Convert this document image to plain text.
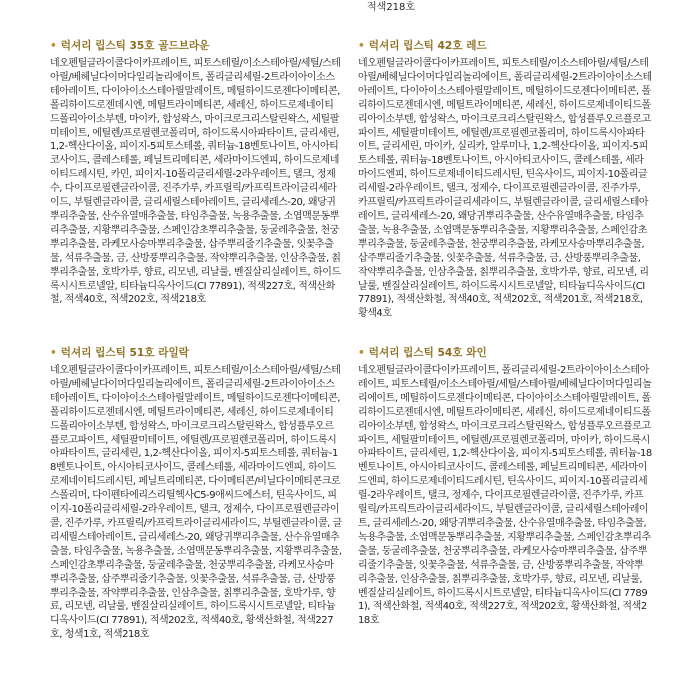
적색218호
• 럭셔리 립스틱 35호 골드브라운

네오펜틸글라이콜다이카프레이트, 피토스테릴/이소스테아릴/세틸/스테아릴/베헤닐다이머다일리놀리에이트, 폴리글리세릴-2트라이아이소스테아레이트, 다이아이소스테아릴말레이트, 메틸하이드로젠다이메티콘, 폴리하이드로젠데시엔, 메틸트라이메티콘, 세레신, 하이드로제네이티드폴리아이소부텐, 마이카, 합성왁스, 마이크로크리스탈린왁스, 세틸팔미테이트, 에틸렌/프로필렌코폴리머, 하이드록시아파타이트, 글리세린, 1,2-헥산다이올, 피이지-5피토스테롤, 쿼터늄-18벤토나이트, 아시아티코사이드, 콜레스테롤, 페닐트리메티콘, 세라마이드엔피, 하이드로제네이티드레시틴, 카민, 피이지-10폴리글리세릴-2라우레이트, 탤크, 정제수, 다이프로필렌글라이콜, 진주가루, 카프릴릭/카프릭트라이글리세라이드, 부틸렌글라이콜, 글리세릴스테아레이트, 글리세레스-20, 왜당귀뿌리추출물, 산수유열매추출물, 타임추출물, 녹용추출물, 소엽맥문동뿌리추출물, 지황뿌리추출물, 스페인감초뿌리추출물, 둥굴레추출물, 천궁뿌리추출물, 라케모사승마뿌리추출물, 삽주뿌리줄기추출물, 잇꽃추출물, 석류추출물, 금, 산방풍뿌리추출물, 작약뿌리추출물, 인삼추출물, 칡뿌리추출물, 호박가루, 향료, 리모넨, 리날룰, 벤질살리실레이트, 하이드록시시트로넬알, 티타늄디옥사이드(CI 77891), 적색227호, 적색산화철, 적색40호, 적색202호, 적색218호

• 럭셔리 립스틱 42호 레드

네오펜틸글라이콜다이카프레이트, 피토스테릴/이소스테아릴/세틸/스테아릴/베헤닐다이머다일리놀리에이트, 폴리글리세릴-2트라이아이소스테아레이트, 다이아이소스테아릴말레이트, 메틸하이드로젠다이메티콘, 폴리하이드로젠데시엔, 메틸트라이메티콘, 세레신, 하이드로제네이티드폴리아이소부텐, 합성왁스, 마이크로크리스탈린왁스, 합성플루오르플로고파이트, 세틸팔미테이트, 에틸렌/프로필렌코폴리머, 하이드록시아파타이트, 글리세린, 마이카, 실리카, 알루미나, 1,2-헥산다이올, 피이지-5피토스테롤, 쿼터늄-18벤토나이트, 아시아티코사이드, 콜레스테롤, 세라마이드엔피, 하이드로제네이티드레시틴, 틴옥사이드, 피이지-10폴리글리세릴-2라우레이트, 탤크, 정제수, 다이프로필렌글라이콜, 진주가루, 카프릴릭/카프릭트라이글리세라이드, 부틸렌글라이콜, 글리세릴스테아레이트, 글리세레스-20, 왜당귀뿌리추출물, 산수유열매추출물, 타임추출물, 녹용추출물, 소엽맥문동뿌리추출물, 지황뿌리추출물, 스페인감초뿌리추출물, 둥굴레추출물, 천궁뿌리추출물, 라케모사승마뿌리추출물, 삽주뿌리줄기추출물, 잇꽃추출물, 석류추출물, 금, 산방풍뿌리추출물, 작약뿌리추출물, 인삼추출물, 칡뿌리추출물, 호박가루, 향료, 리모넨, 리날룰, 벤질살리실레이트, 하이드록시시트로넬알, 티타늄디옥사이드(CI 77891), 적색산화철, 적색40호, 적색202호, 적색201호, 적색218호, 황색4호

• 럭셔리 립스틱 51호 라일락

네오펜틸글라이콜다이카프레이트, 피토스테릴/이소스테아릴/세틸/스테아릴/베헤닐다이머다일리놀리에이트, 폴리글리세릴-2트라이아이소스테아레이트, 다이아이소스테아릴말레이트, 메틸하이드로젠다이메티콘, 폴리하이드로젠데시엔, 메틸트라이메티콘, 세레신, 하이드로제네이티드폴리아이소부텐, 합성왁스, 마이크로크리스탈린왁스, 합성플루오르플로고파이트, 세틸팔미테이트, 에틸렌/프로필렌코폴리머, 하이드록시아파타이트, 글리세린, 1,2-헥산다이올, 피이지-5피토스테롤, 쿼터늄-18벤토나이트, 아시아티코사이드, 콜레스테롤, 세라마이드엔피, 하이드로제네이티드레시틴, 페닐트리메티콘, 다이메티콘/비닐다이메티콘크로스폴리머, 다이펜타에리스리틸헥사C5-9애씨드에스터, 틴옥사이드, 피이지-10폴리글리세릴-2라우레이트, 탤크, 정제수, 다이프로필렌글라이콜, 진주가루, 카프릴릭/카프릭트라이글리세라이드, 부틸렌글라이콜, 글리세릴스테아레이트, 글리세레스-20, 왜당귀뿌리추출물, 산수유열매추출물, 타임추출물, 녹용추출물, 소엽맥문동뿌리추출물, 지황뿌리추출물, 스페인감초뿌리추출물, 둥굴레추출물, 천궁뿌리추출물, 라케모사승마뿌리추출물, 삽주뿌리줄기추출물, 잇꽃추출물, 석류추출물, 금, 산방풍뿌리추출물, 작약뿌리추출물, 인삼추출물, 칡뿌리추출물, 호박가루, 향료, 리모넨, 리날룰, 벤질살리실레이트, 하이드록시시트로넬알, 티타늄디옥사이드(CI 77891), 적색202호, 적색40호, 황색산화철, 적색227호, 청색1호, 적색218호

• 럭셔리 립스틱 54호 와인

네오펜틸글라이콜다이카프레이트, 폴리글리세릴-2트라이아이소스테아레이트, 피토스테릴/이소스테아릴/세틸/스테아릴/베헤닐다이머다일리놀리에이트, 메틸하이드로젠다이메티콘, 다이아이소스테아릴말레이트, 폴리하이드로젠데시엔, 메틸트라이메티콘, 세레신, 하이드로제네이티드폴리아이소부텐, 합성왁스, 마이크로크리스탈린왁스, 합성플루오르플로고파이트, 세틸팔미테이트, 에틸렌/프로필렌코폴리머, 마이카, 하이드록시아파타이트, 글리세린, 1,2-헥산다이올, 피이지-5피토스테롤, 쿼터늄-18벤토나이트, 아시아티코사이드, 콜레스테롤, 페닐트리메티콘, 세라마이드엔피, 하이드로제네이티드레시틴, 틴옥사이드, 피이지-10폴리글리세릴-2라우레이트, 탤크, 정제수, 다이프로필렌글라이콜, 진주가루, 카프릴릭/카프릭트라이글리세라이드, 부틸렌글라이콜, 글리세릴스테아레이트, 글리세레스-20, 왜당귀뿌리추출물, 산수유열매추출물, 타임추출물, 녹용추출물, 소엽맥문동뿌리추출물, 지황뿌리추출물, 스페인감초뿌리추출물, 둥굴레추출물, 천궁뿌리추출물, 라케모사승마뿌리추출물, 삽주뿌리줄기추출물, 잇꽃추출물, 석류추출물, 금, 산방풍뿌리추출물, 작약뿌리추출물, 인삼추출물, 칡뿌리추출물, 호박가루, 향료, 리모넨, 리날룰, 벤질살리실레이트, 하이드록시시트로넬알, 티타늄디옥사이드(CI 77891), 적색산화철, 적색40호, 적색227호, 적색202호, 황색산화철, 적색218호
